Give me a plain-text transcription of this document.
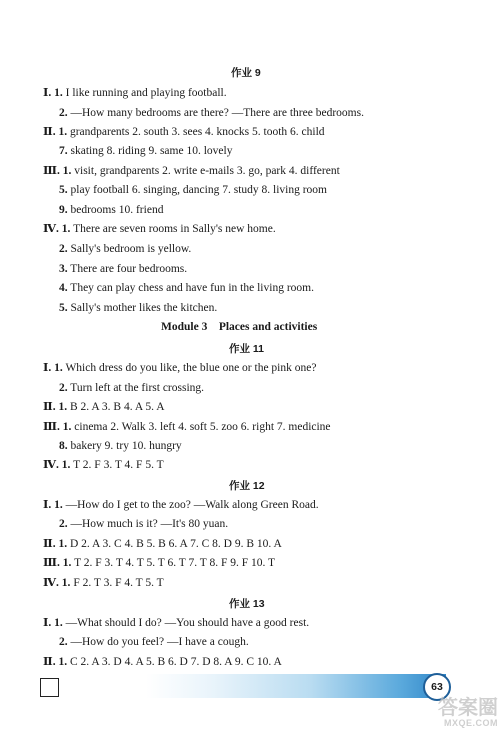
作业 9
Ⅰ. 1. I like running and playing football.
2. —How many bedrooms are there? —There are three bedrooms.
Ⅱ. 1. grandparents 2. south 3. sees 4. knocks 5. tooth 6. child
7. skating 8. riding 9. same 10. lovely
Ⅲ. 1. visit, grandparents 2. write e-mails 3. go, park 4. different
5. play football 6. singing, dancing 7. study 8. living room
9. bedrooms 10. friend
Ⅳ. 1. There are seven rooms in Sally's new home.
2. Sally's bedroom is yellow.
3. There are four bedrooms.
4. They can play chess and have fun in the living room.
5. Sally's mother likes the kitchen.
Module 3    Places and activities
作业 11
Ⅰ. 1. Which dress do you like, the blue one or the pink one?
2. Turn left at the first crossing.
Ⅱ. 1. B 2. A 3. B 4. A 5. A
Ⅲ. 1. cinema 2. Walk 3. left 4. soft 5. zoo 6. right 7. medicine
8. bakery 9. try 10. hungry
Ⅳ. 1. T 2. F 3. T 4. F 5. T
作业 12
Ⅰ. 1. —How do I get to the zoo? —Walk along Green Road.
2. —How much is it? —It's 80 yuan.
Ⅱ. 1. D 2. A 3. C 4. B 5. B 6. A 7. C 8. D 9. B 10. A
Ⅲ. 1. T 2. F 3. T 4. T 5. T 6. T 7. T 8. F 9. F 10. T
Ⅳ. 1. F 2. T 3. F 4. T 5. T
作业 13
Ⅰ. 1. —What should I do? —You should have a good rest.
2. —How do you feel? —I have a cough.
Ⅱ. 1. C 2. A 3. D 4. A 5. B 6. D 7. D 8. A 9. C 10. A
63
答案圈
MXQE.COM
